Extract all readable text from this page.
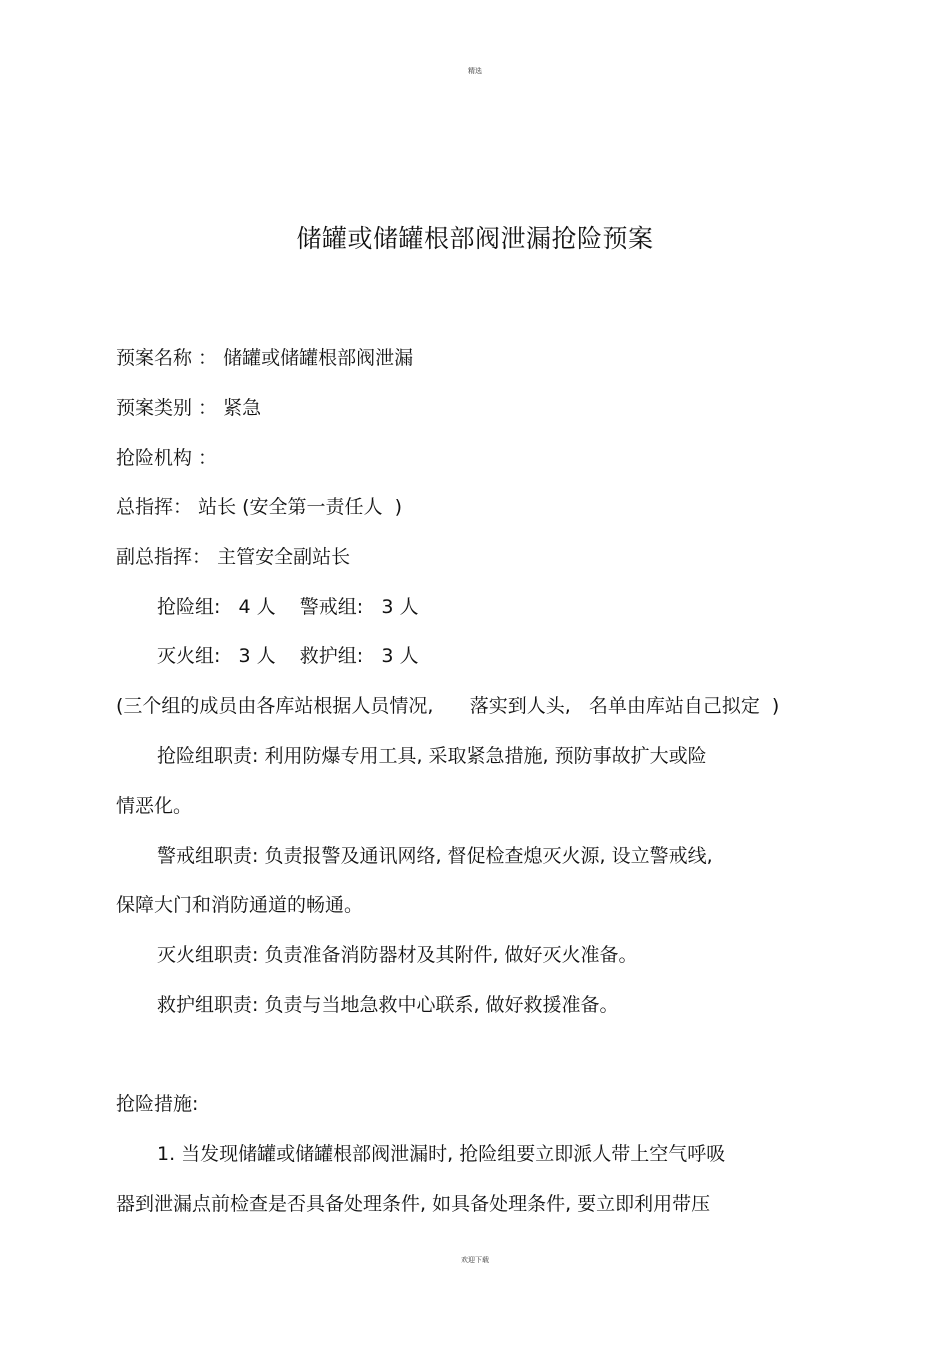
精选
储罐或储罐根部阀泄漏抢险预案
预案名称 ： 储罐或储罐根部阀泄漏
预案类别 ： 紧急
抢险机构 ：
总指挥： 站长 (安全第一责任人  )
副总指挥： 主管安全副站长
抢险组:   4 人    警戒组:   3 人
灭火组:   3 人    救护组:   3 人
(三个组的成员由各库站根据人员情况,      落实到人头,   名单由库站自己拟定  )
抢险组职责: 利用防爆专用工具, 采取紧急措施, 预防事故扩大或险
情恶化。
警戒组职责: 负责报警及通讯网络, 督促检查熄灭火源, 设立警戒线,
保障大门和消防通道的畅通。
灭火组职责: 负责准备消防器材及其附件, 做好灭火准备。
救护组职责: 负责与当地急救中心联系, 做好救援准备。
抢险措施:
1. 当发现储罐或储罐根部阀泄漏时, 抢险组要立即派人带上空气呼吸
器到泄漏点前检查是否具备处理条件, 如具备处理条件, 要立即利用带压
欢迎下载
